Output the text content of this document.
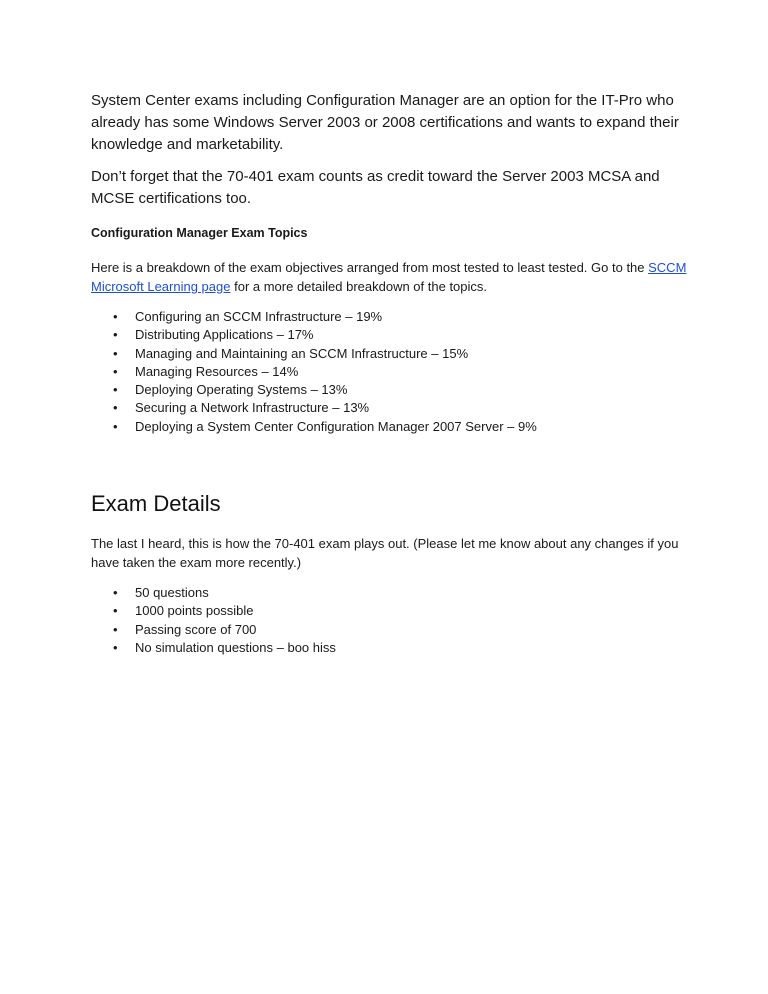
System Center exams including Configuration Manager are an option for the IT-Pro who already has some Windows Server 2003 or 2008 certifications and wants to expand their knowledge and marketability.

Don’t forget that the 70-401 exam counts as credit toward the Server 2003 MCSA and MCSE certifications too.

Configuration Manager Exam Topics

Here is a breakdown of the exam objectives arranged from most tested to least tested. Go to the SCCM Microsoft Learning page for a more detailed breakdown of the topics.

• Configuring an SCCM Infrastructure – 19%
• Distributing Applications – 17%
• Managing and Maintaining an SCCM Infrastructure – 15%
• Managing Resources – 14%
• Deploying Operating Systems – 13%
• Securing a Network Infrastructure – 13%
• Deploying a System Center Configuration Manager 2007 Server – 9%
Exam Details

The last I heard, this is how the 70-401 exam plays out. (Please let me know about any changes if you have taken the exam more recently.)

• 50 questions
• 1000 points possible
• Passing score of 700
• No simulation questions – boo hiss
